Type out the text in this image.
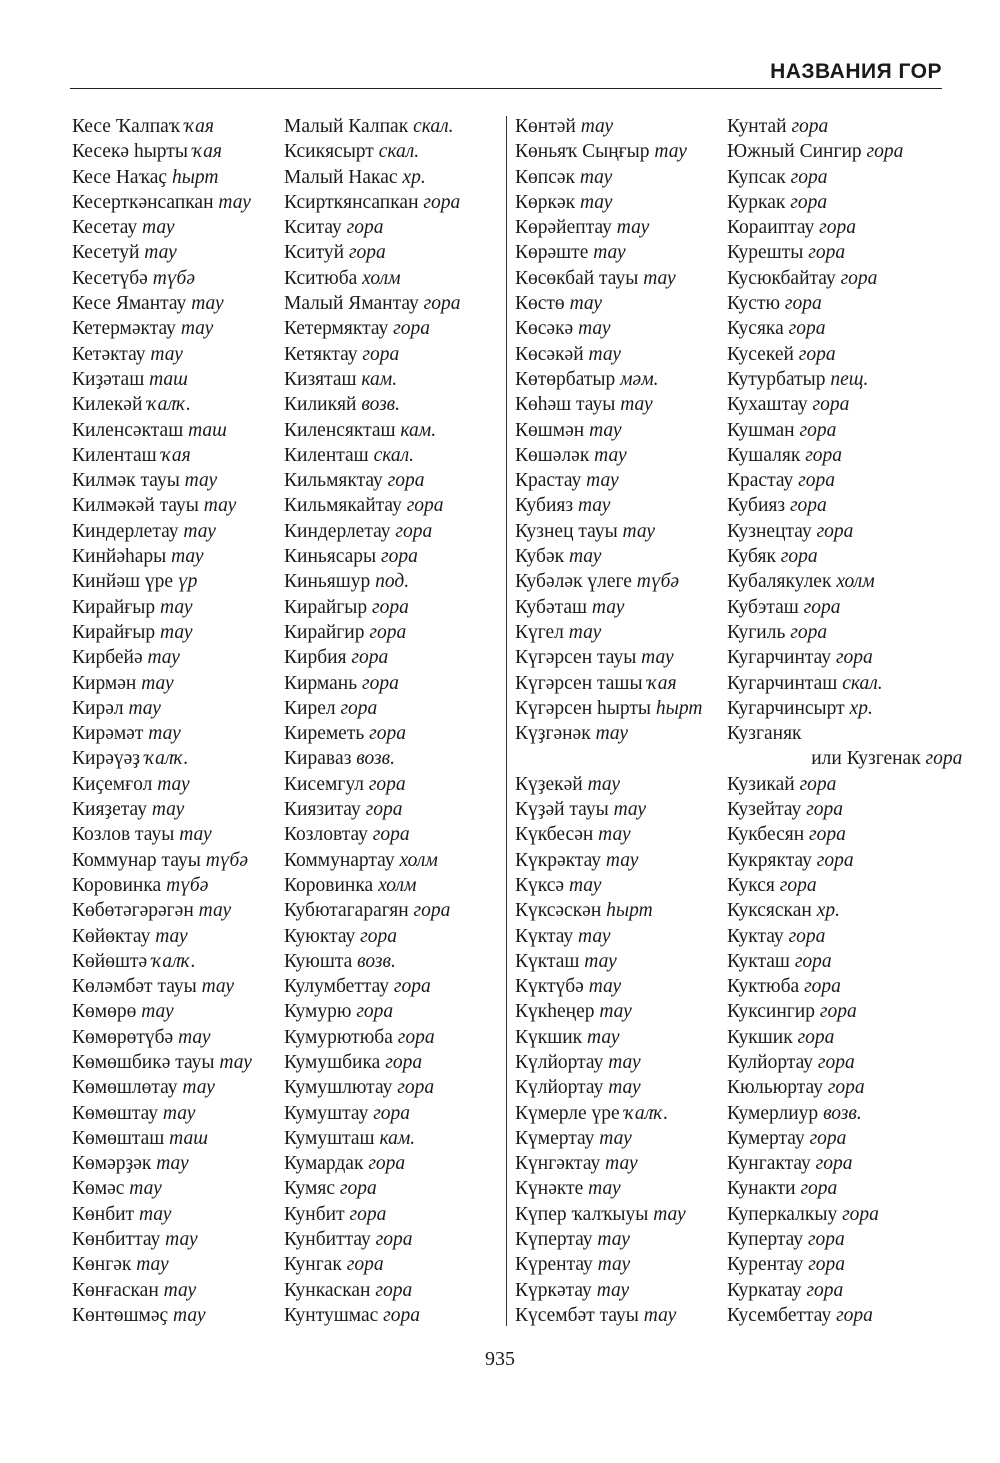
НАЗВАНИЯ ГОР
Кесе Ҡалпаҡ ҡая
Кесекә һырты ҡая
Кесе Наҡаҫ һырт
Кесерткәнсапкан тау
Кесетау тау
Кесетуй тау
Кесетүбә түбә
Кесе Ямантау тау
Кетермәктау тау
Кетәктау тау
Киҙәташ таш
Килекәй ҡалҡ.
Киленсәкташ таш
Киленташ ҡая
Килмәк тауы тау
Килмәкәй тауы тау
Киндерлетау тау
Кинйәһары тау
Кинйәш үре үр
Кирайғыр тау
Кирайғыр тау
Кирбейә тау
Кирмән тау
Кирәл тау
Кирәмәт тау
Кирәүәҙ ҡалҡ.
Киҫемғол тау
Кияҙетау тау
Козлов тауы тау
Коммунар тауы түбә
Коровинка түбә
Көбөтәгәрәгән тау
Көйөктау тау
Көйөштә ҡалҡ.
Көләмбәт тауы тау
Көмөрө тау
Көмөрөтүбә тау
Көмөшбикә тауы тау
Көмөшлөтау тау
Көмөштау тау
Көмөшташ таш
Көмәрҙәк тау
Көмәс тау
Көнбит тау
Көнбиттау тау
Көнгәк тау
Көнғаскан тау
Көнтөшмәҫ тау
Малый Калпак скал.
Ксикясырт скал.
Малый Накас хр.
Ксирткянсапкан гора
Кситау гора
Кситуй гора
Кситюба холм
Малый Ямантау гора
Кетермяктау гора
Кетяктау гора
Кизяташ кам.
Киликяй возв.
Киленсякташ кам.
Киленташ скал.
Кильмяктау гора
Кильмякайтау гора
Киндерлетау гора
Киньясары гора
Киньяшур под.
Кирайгыр гора
Кирайгир гора
Кирбия гора
Кирмань гора
Кирел гора
Киреметь гора
Киравaз возв.
Кисемгул гора
Киязитау гора
Козловтау гора
Коммунартау холм
Коровинка холм
Кубютагарагян гора
Куюктау гора
Куюшта возв.
Кулумбеттау гора
Кумурю гора
Кумурютюба гора
Кумушбика гора
Кумушлютау гора
Кумуштау гора
Кумушташ кам.
Кумардак гора
Кумяс гора
Кунбит гора
Кунбиттау гора
Кунгак гора
Кункаскан гора
Кунтушмас гора
Көнтәй тау
Көньяҡ Сыңғыр тау
Көпсәк тау
Көркәк тау
Көрәйептау тау
Көрәште тау
Көсөкбай тауы тау
Көстө тау
Көсәкә тау
Көсәкәй тау
Көтөрбатыр мәм.
Көһәш тауы тау
Көшмән тау
Көшәләк тау
Крастау тау
Кубияз тау
Кузнец тауы тау
Кубәк тау
Кубәләк үлеге түбә
Кубәташ тау
Күгел тау
Күгәрсен тауы тау
Күгәрсен ташы ҡая
Күгәрсен һырты һырт
Күҙгәнәк тау
Күҙекәй тау
Күҙәй тауы тау
Күкбесән тау
Күкрәктау тау
Күксә тау
Күксәскән һырт
Күктау тау
Күкташ тау
Күктүбә тау
Күкһеңер тау
Күкшик тау
Күлйортау тау
Күлйортау тау
Күмерле үре ҡалҡ.
Күмертау тау
Күнгәктау тау
Күнәкте тау
Күпер ҡалҡыуы тау
Күпертау тау
Күрентау тау
Күркәтау тау
Күсембәт тауы тау
Кунтай гора
Южный Сингир гора
Купсак гора
Куркак гора
Кораиптау гора
Курешты гора
Кусюкбайтау гора
Кустю гора
Кусяка гора
Кусекей гора
Кутурбатыр пещ.
Кухаштау гора
Кушман гора
Кушаляк гора
Крастау гора
Кубияз гора
Кузнецтау гора
Кубяк гора
Кубалякулек холм
Кубэташ гора
Кугиль гора
Кугарчинтау гора
Кугарчинташ скал.
Кугарчинсырт хр.
Кузганяк
или Кузгенак гора
Кузикай гора
Кузейтау гора
Кукбесян гора
Кукряктау гора
Кукся гора
Куксяскан хр.
Куктау гора
Кукташ гора
Куктюба гора
Куксингир гора
Кукшик гора
Кулйортау гора
Кюльюртау гора
Кумерлиур возв.
Кумертау гора
Кунгактау гора
Кунакти гора
Куперкалкыу гора
Купертау гора
Курентау гора
Куркатау гора
Кусембеттау гора
935
